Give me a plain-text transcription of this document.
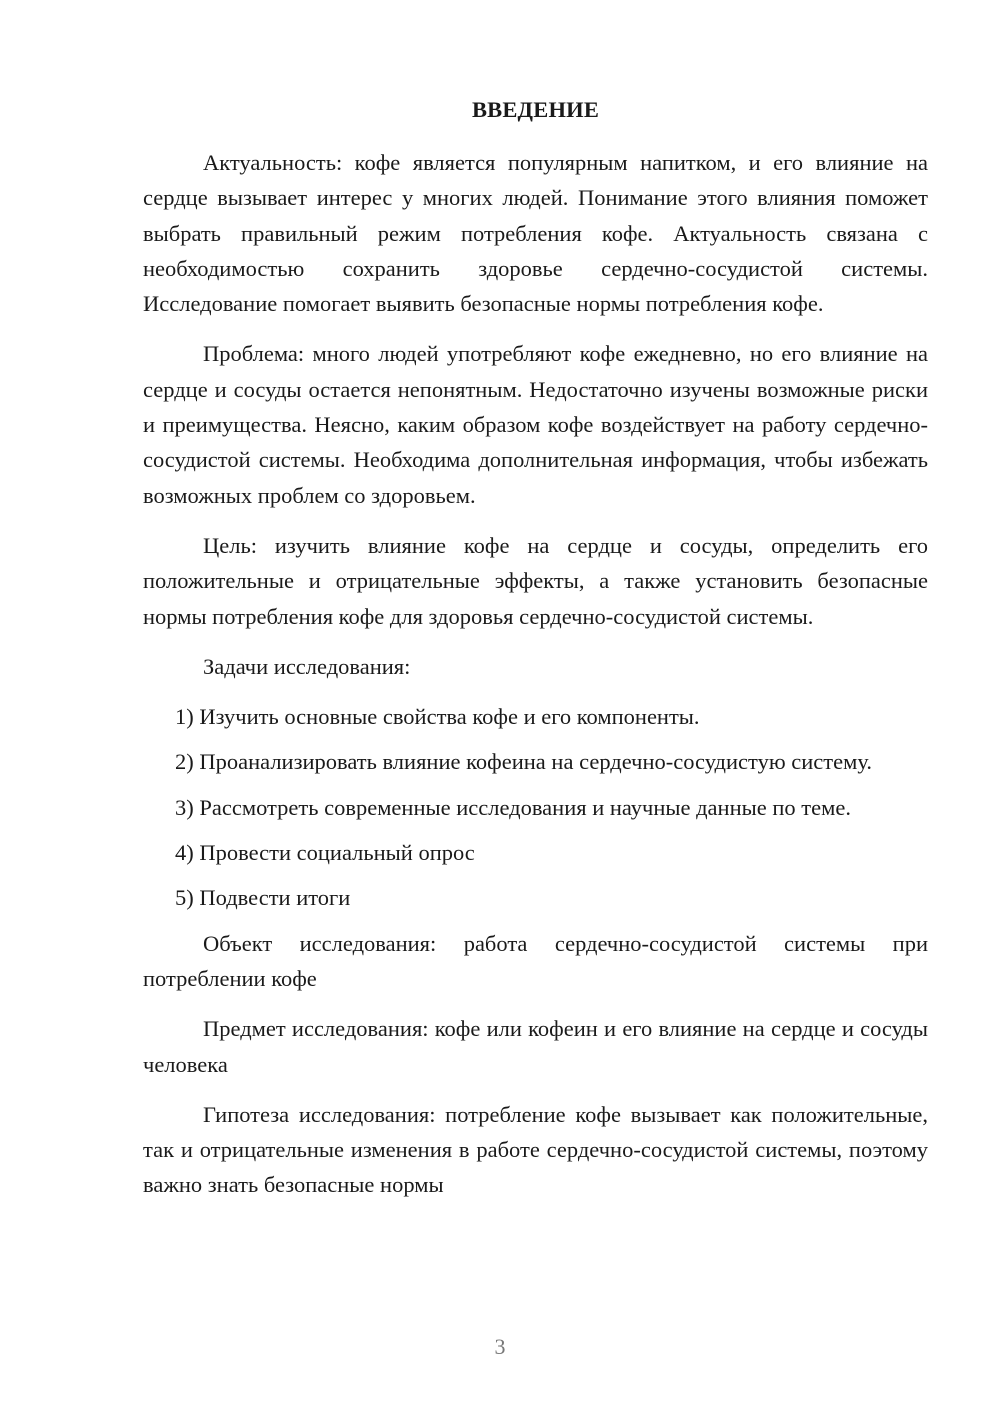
ВВЕДЕНИЕ

Актуальность: кофе является популярным напитком, и его влияние на сердце вызывает интерес у многих людей. Понимание этого влияния поможет выбрать правильный режим потребления кофе. Актуальность связана с необходимостью сохранить здоровье сердечно-сосудистой системы. Исследование помогает выявить безопасные нормы потребления кофе.

Проблема: много людей употребляют кофе ежедневно, но его влияние на сердце и сосуды остается непонятным. Недостаточно изучены возможные риски и преимущества. Неясно, каким образом кофе воздействует на работу сердечно-сосудистой системы. Необходима дополнительная информация, чтобы избежать возможных проблем со здоровьем.

Цель: изучить влияние кофе на сердце и сосуды, определить его положительные и отрицательные эффекты, а также установить безопасные нормы потребления кофе для здоровья сердечно-сосудистой системы.

Задачи исследования:

1) Изучить основные свойства кофе и его компоненты.

2) Проанализировать влияние кофеина на сердечно-сосудистую систему.

3) Рассмотреть современные исследования и научные данные по теме.

4) Провести социальный опрос

5) Подвести итоги

Объект исследования: работа сердечно-сосудистой системы при потреблении кофе

Предмет исследования: кофе или кофеин и его влияние на сердце и сосуды человека

Гипотеза исследования: потребление кофе вызывает как положительные, так и отрицательные изменения в работе сердечно-сосудистой системы, поэтому важно знать безопасные нормы

3
